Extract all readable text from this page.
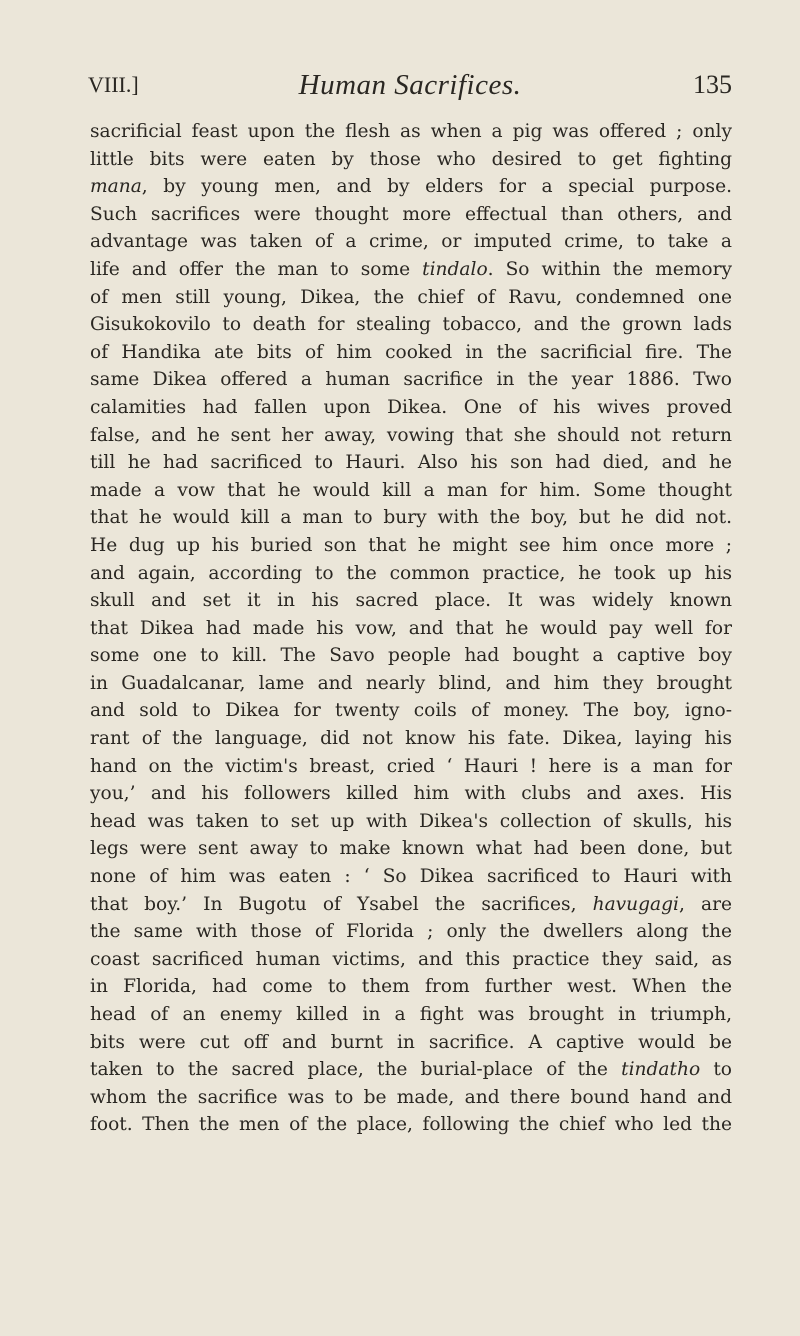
VIII.]	Human Sacrifices.	135
sacrificial feast upon the flesh as when a pig was offered ; only
little bits were eaten by those who desired to get fighting
mana, by young men, and by elders for a special purpose.
Such sacrifices were thought more effectual than others, and
advantage was taken of a crime, or imputed crime, to take a
life and offer the man to some tindalo. So within the memory
of men still young, Dikea, the chief of Ravu, condemned one
Gisukokovilo to death for stealing tobacco, and the grown lads
of Handika ate bits of him cooked in the sacrificial fire. The
same Dikea offered a human sacrifice in the year 1886. Two
calamities had fallen upon Dikea. One of his wives proved
false, and he sent her away, vowing that she should not return
till he had sacrificed to Hauri. Also his son had died, and he
made a vow that he would kill a man for him. Some thought
that he would kill a man to bury with the boy, but he did not.
He dug up his buried son that he might see him once more ;
and again, according to the common practice, he took up his
skull and set it in his sacred place. It was widely known
that Dikea had made his vow, and that he would pay well for
some one to kill. The Savo people had bought a captive boy
in Guadalcanar, lame and nearly blind, and him they brought
and sold to Dikea for twenty coils of money. The boy, igno-
rant of the language, did not know his fate. Dikea, laying his
hand on the victim's breast, cried ‘ Hauri ! here is a man for
you,’ and his followers killed him with clubs and axes. His
head was taken to set up with Dikea's collection of skulls, his
legs were sent away to make known what had been done, but
none of him was eaten : ‘ So Dikea sacrificed to Hauri with
that boy.’ In Bugotu of Ysabel the sacrifices, havugagi, are
the same with those of Florida ; only the dwellers along the
coast sacrificed human victims, and this practice they said, as
in Florida, had come to them from further west. When the
head of an enemy killed in a fight was brought in triumph,
bits were cut off and burnt in sacrifice. A captive would be
taken to the sacred place, the burial-place of the tindatho to
whom the sacrifice was to be made, and there bound hand and
foot. Then the men of the place, following the chief who led the
